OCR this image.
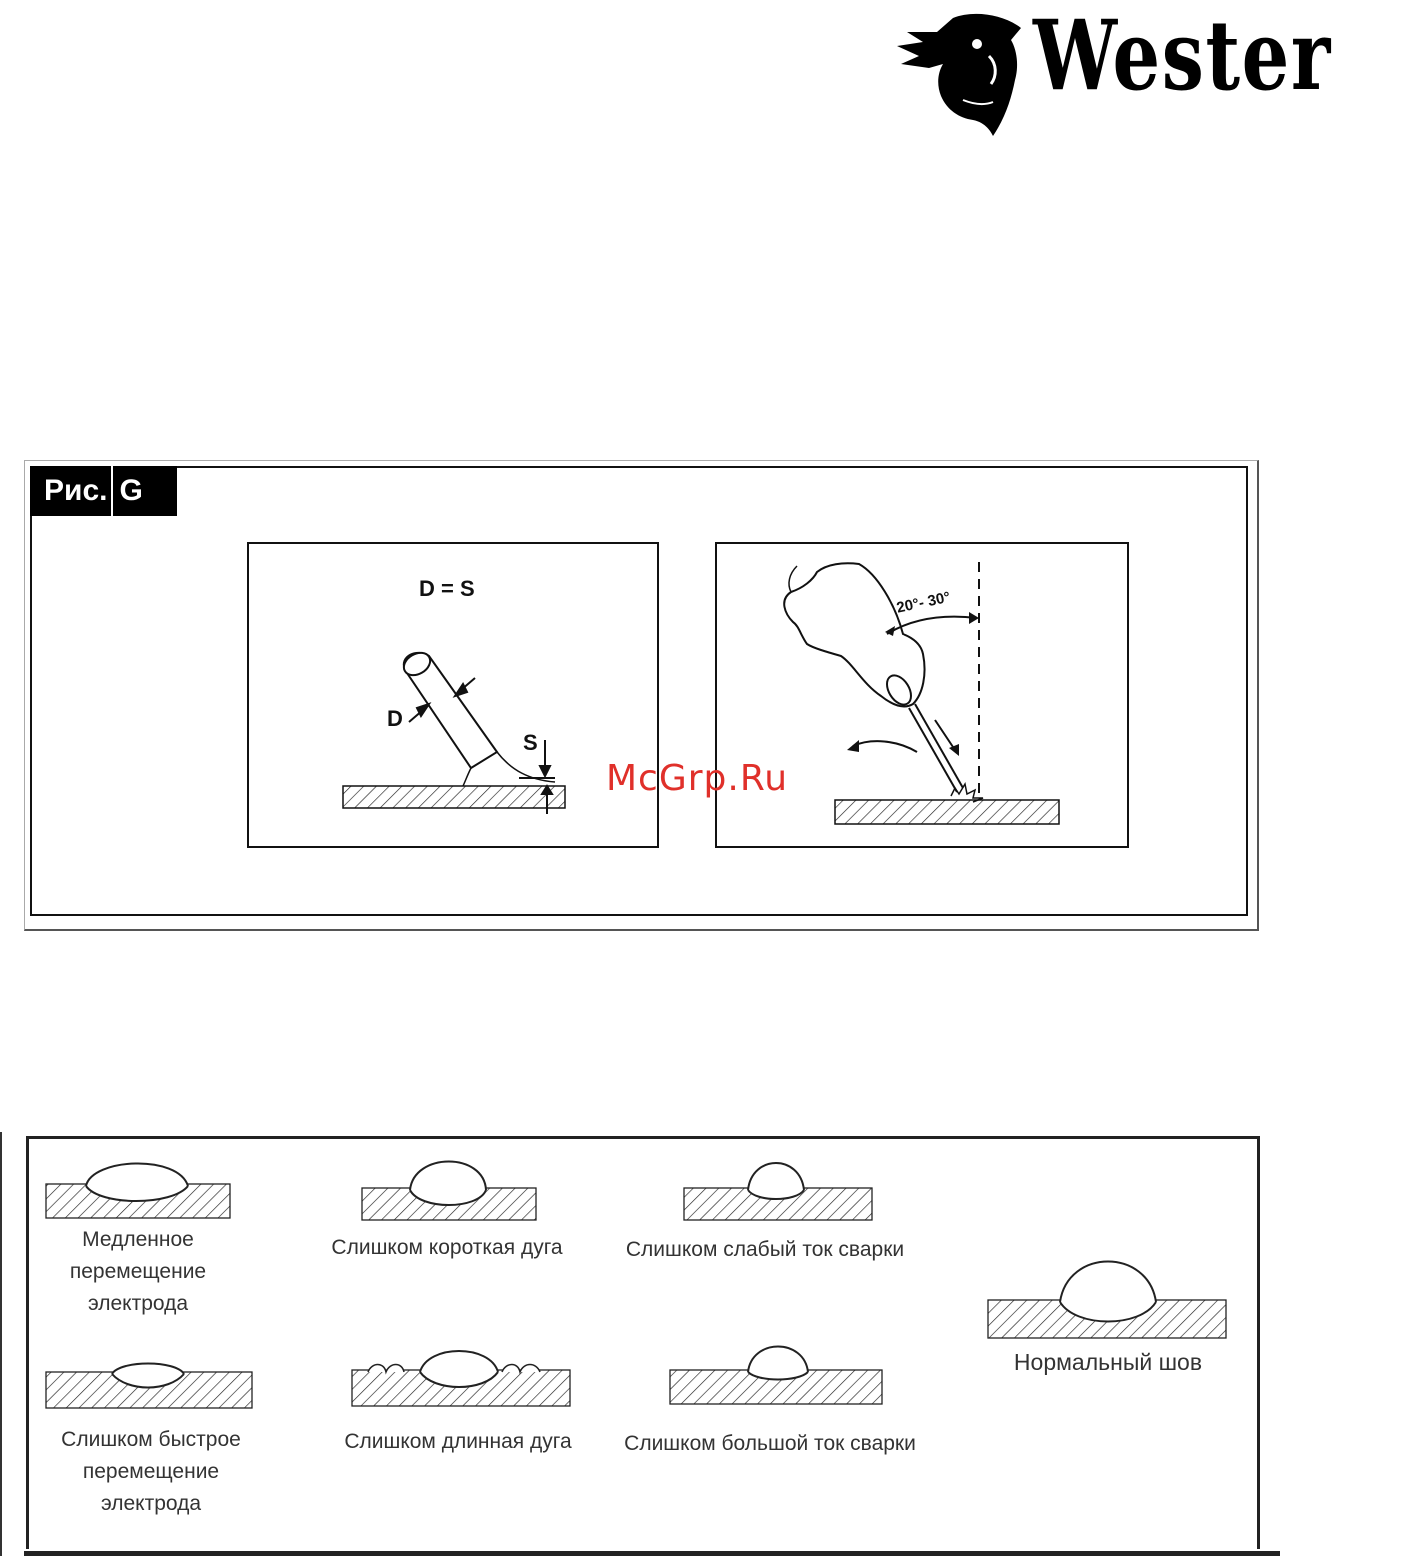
Wester
Рис. G
D = S
D
S
20°- 30°
McGrp.Ru
Медленное
перемещение
электрода
Слишком короткая дуга	Слишком слабый ток сварки
Нормальный шов
Слишком быстрое
перемещение
электрода
Слишком длинная дуга	Слишком большой ток сварки
